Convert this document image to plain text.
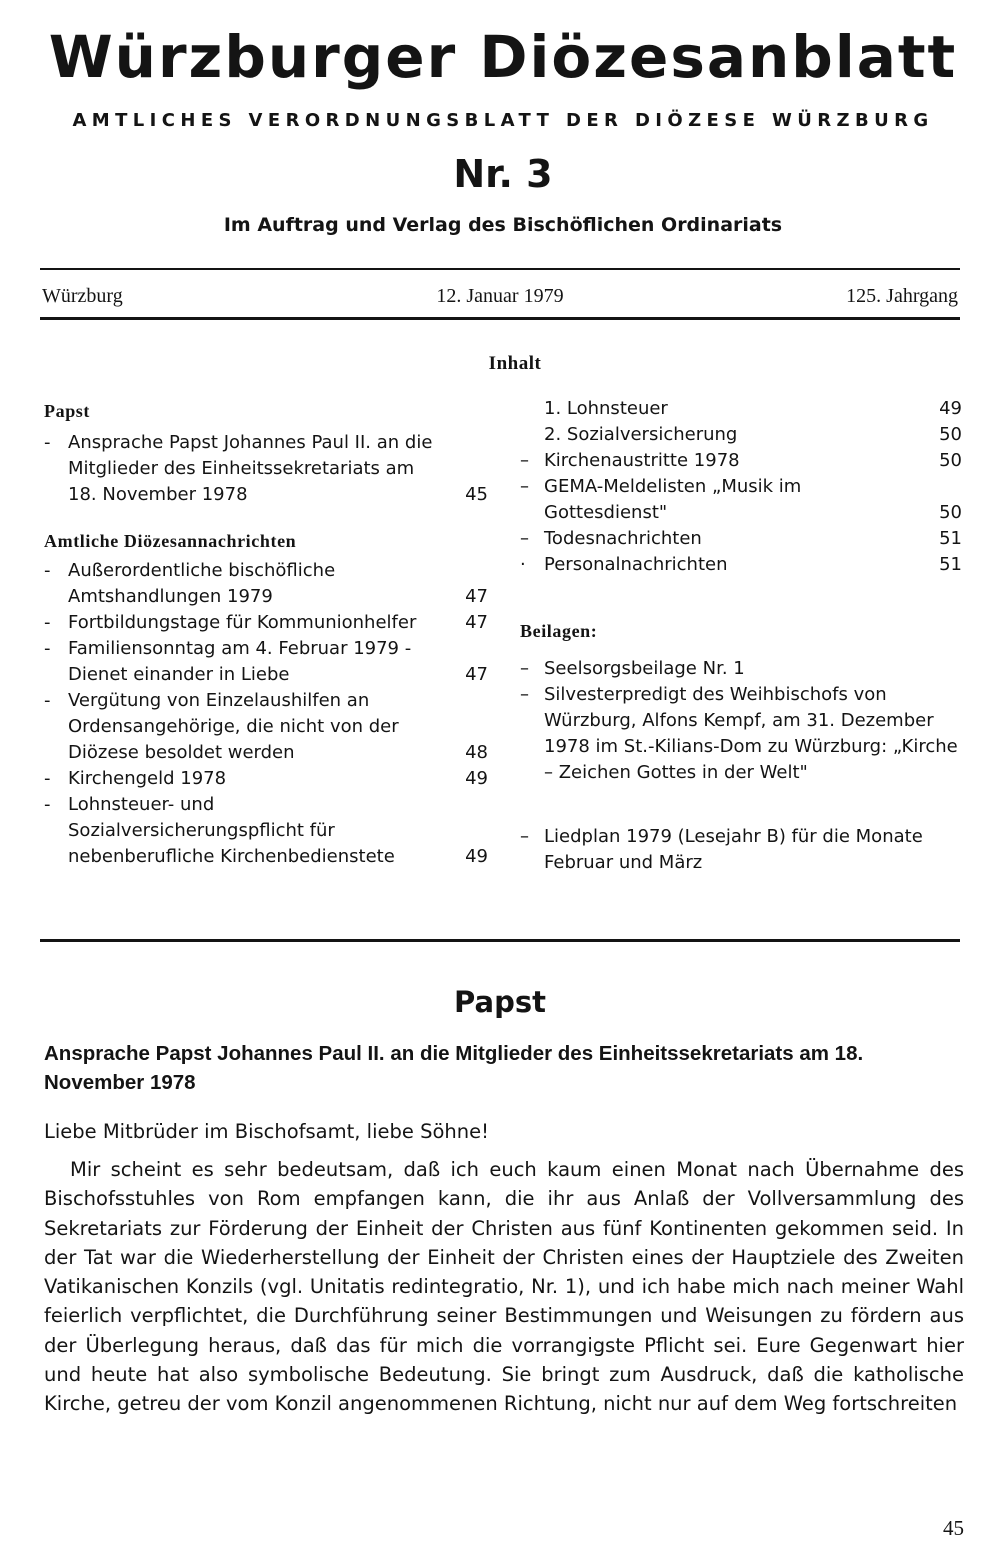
Würzburger Diözesanblatt
AMTLICHES VERORDNUNGSBLATT DER DIÖZESE WÜRZBURG
Nr. 3
Im Auftrag und Verlag des Bischöflichen Ordinariats
Würzburg	12. Januar 1979	125. Jahrgang
Inhalt

Papst

- Ansprache Papst Johannes Paul II. an die Mitglieder des Einheitssekretariats am 18. November 1978	45

Amtliche Diözesannachrichten

- Außerordentliche bischöfliche Amtshandlungen 1979	47
- Fortbildungstage für Kommunionhelfer	47
- Familiensonntag am 4. Februar 1979 - Dienet einander in Liebe	47
- Vergütung von Einzelaushilfen an Ordensangehörige, die nicht von der Diözese besoldet werden	48
- Kirchengeld 1978	49
- Lohnsteuer- und Sozialversicherungspflicht für nebenberufliche Kirchenbedienstete	49
1. Lohnsteuer	49
2. Sozialversicherung	50
– Kirchenaustritte 1978	50
– GEMA-Meldelisten „Musik im Gottesdienst"	50
– Todesnachrichten	51
· Personalnachrichten	51

Beilagen:

– Seelsorgsbeilage Nr. 1
– Silvesterpredigt des Weihbischofs von Würzburg, Alfons Kempf, am 31. Dezember 1978 im St.-Kilians-Dom zu Würzburg: „Kirche – Zeichen Gottes in der Welt"
– Liedplan 1979 (Lesejahr B) für die Monate Februar und März
Papst
Ansprache Papst Johannes Paul II. an die Mitglieder des Einheitssekretariats am 18. November 1978
Liebe Mitbrüder im Bischofsamt, liebe Söhne!

Mir scheint es sehr bedeutsam, daß ich euch kaum einen Monat nach Übernahme des Bischofsstuhles von Rom empfangen kann, die ihr aus Anlaß der Vollversammlung des Sekretariats zur Förderung der Einheit der Christen aus fünf Kontinenten gekommen seid. In der Tat war die Wiederherstellung der Einheit der Christen eines der Hauptziele des Zweiten Vatikanischen Konzils (vgl. Unitatis redintegratio, Nr. 1), und ich habe mich nach meiner Wahl feierlich verpflichtet, die Durchführung seiner Bestimmungen und Weisungen zu fördern aus der Überlegung heraus, daß das für mich die vorrangigste Pflicht sei. Eure Gegenwart hier und heute hat also symbolische Bedeutung. Sie bringt zum Ausdruck, daß die katholische Kirche, getreu der vom Konzil angenommenen Richtung, nicht nur auf dem Weg fortschreiten

45
